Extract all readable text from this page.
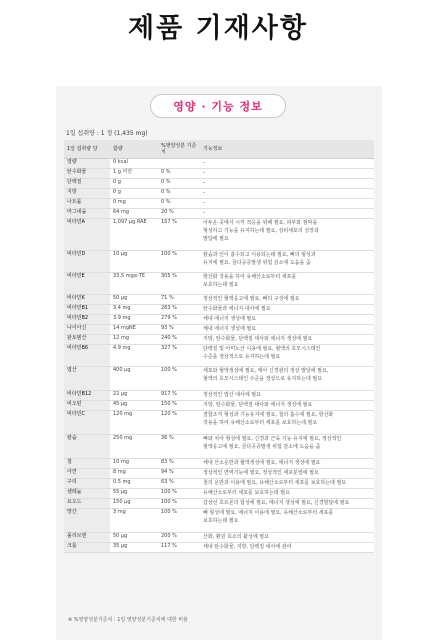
제품 기재사항
영양 · 기능 정보
1일 섭취량 : 1 정 (1,435 mg)
1일 섭취량 당	함량	%영양성분 기준치	기능정보
열량	0 kcal		–

탄수화물	1 g 미만	0 %	–

단백질	0 g	0 %	–

지방	0 g	0 %	–

나트륨	0 mg	0 %	–

마그네슘	64 mg	20 %	–

비타민A	1,097 μg RAE	157 %	어두운 곳에서 시각 적응을 위해 필요, 피부와 점막을
형성하고 기능을 유지하는데 필요, 상피세포의 성장과
발달에 필요

비타민D	10 μg	100 %	칼슘과 인이 흡수되고 이용되는데 필요, 뼈의 형성과
유지에 필요, 골다공증발생 위험 감소에 도움을 줌

비타민E	33.5 mgα-TE	305 %	항산화 작용을 하여 유해산소로부터 세포를
보호하는데 필요

비타민K	50 μg	71 %	정상적인 혈액응고에 필요, 뼈의 구성에 필요

비타민B1	3.4 mg	283 %	탄수화물과 에너지 대사에 필요

비타민B2	3.9 mg	279 %	체내 에너지 생성에 필요

나이아신	14 mgNE	93 %	체내 에너지 생성에 필요

판토텐산	12 mg	240 %	지방, 탄수화물, 단백질 대사와 에너지 생성에 필요

비타민B6	4.9 mg	327 %	단백질 및 아미노산 이용에 필요, 혈액의 호모시스테인
수준을 정상적으로 유지하는데 필요

엽산	400 μg	100 %	세포와 혈액생성에 필요, 태아 신경관의 정상 발달에 필요,
혈액의 호모시스테인 수준을 정상으로 유지하는데 필요

비타민B12	22 μg	917 %	정상적인 엽산 대사에 필요

비오틴	45 μg	150 %	지방, 탄수화물, 단백질 대사와 에너지 생성에 필요

비타민C	120 mg	120 %	결합조직 형성과 기능유지에 필요, 철의 흡수에 필요, 항산화
작용을 하여 유해산소로부터 세포를 보호하는데 필요

칼슘	250 mg	36 %	뼈와 치아 형성에 필요, 신경과 근육 기능 유지에 필요, 정상적인
혈액응고에 필요, 골다공증발생 위험 감소에 도움을 줌

철	10 mg	83 %	체내 산소운반과 혈액생성에 필요, 에너지 생성에 필요

아연	8 mg	94 %	정상적인 면역기능에 필요, 정상적인 세포분열에 필요

구리	0.5 mg	63 %	철의 운반과 이용에 필요, 유해산소로부터 세포를 보호하는데 필요

셀레늄	55 μg	100 %	유해산소로부터 세포를 보호하는데 필요

요오드	150 μg	100 %	갑상선 호르몬의 합성에 필요, 에너지 생성에 필요, 신경발달에 필요

망간	3 mg	100 %	뼈 형성에 필요, 에너지 이용에 필요, 유해산소로부터 세포를
보호하는데 필요

몰리브덴	50 μg	200 %	산화, 환원 효소의 활성에 필요

크롬	35 μg	117 %	체내 탄수화물, 지방, 단백질 대사에 관여
※ %영양성분기준치 : 1일 영양성분기준치에 대한 비율
